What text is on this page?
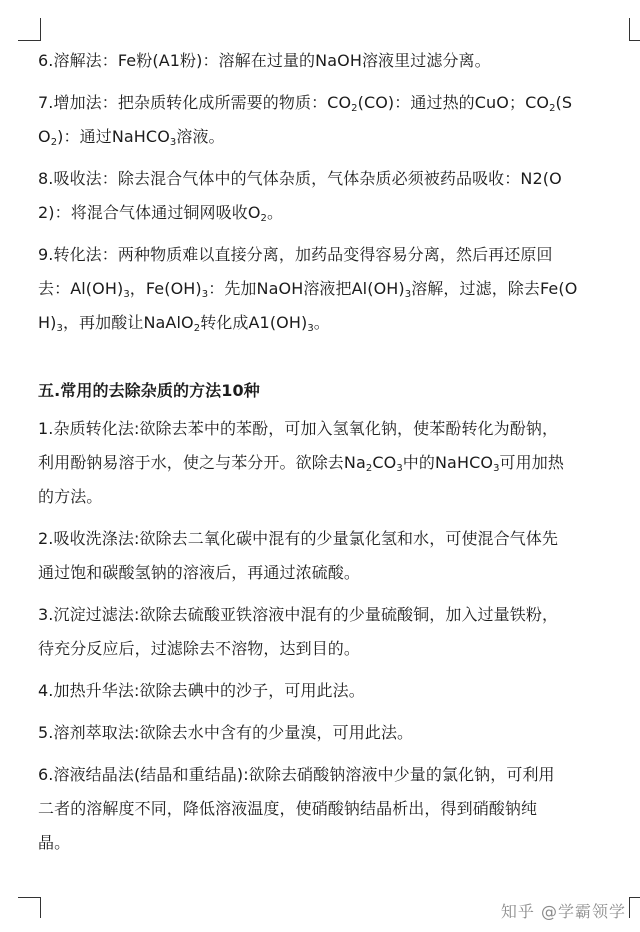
6.溶解法：Fe粉(A1粉)：溶解在过量的NaOH溶液里过滤分离。

7.增加法：把杂质转化成所需要的物质：$CO_2(CO)$：通过热的CuO；$CO_2(S$
$O_2$)：通过NaHCO$_3$溶液。

8.吸收法：除去混合气体中的气体杂质，气体杂质必须被药品吸收：N2(O
2)：将混合气体通过铜网吸收$O_2$。

9.转化法：两种物质难以直接分离，加药品变得容易分离，然后再还原回
去：$Al(OH)_3$，$Fe(OH)_3$：先加NaOH溶液把$Al(OH)_3$溶解，过滤，除去Fe(O
$H)_3$，再加酸让NaAlO$_2$转化成$A1(OH)_3$。

五.常用的去除杂质的方法10种

1.杂质转化法:欲除去苯中的苯酚，可加入氢氧化钠，使苯酚转化为酚钠，
利用酚钠易溶于水，使之与苯分开。欲除去$Na_2CO_3$中的NaHCO$_3$可用加热
的方法。

2.吸收洗涤法:欲除去二氧化碳中混有的少量氯化氢和水，可使混合气体先
通过饱和碳酸氢钠的溶液后，再通过浓硫酸。

3.沉淀过滤法:欲除去硫酸亚铁溶液中混有的少量硫酸铜，加入过量铁粉，
待充分反应后，过滤除去不溶物，达到目的。

4.加热升华法:欲除去碘中的沙子，可用此法。

5.溶剂萃取法:欲除去水中含有的少量溴，可用此法。

6.溶液结晶法(结晶和重结晶):欲除去硝酸钠溶液中少量的氯化钠，可利用
二者的溶解度不同，降低溶液温度，使硝酸钠结晶析出，得到硝酸钠纯
晶。

知乎 @学霸领学
